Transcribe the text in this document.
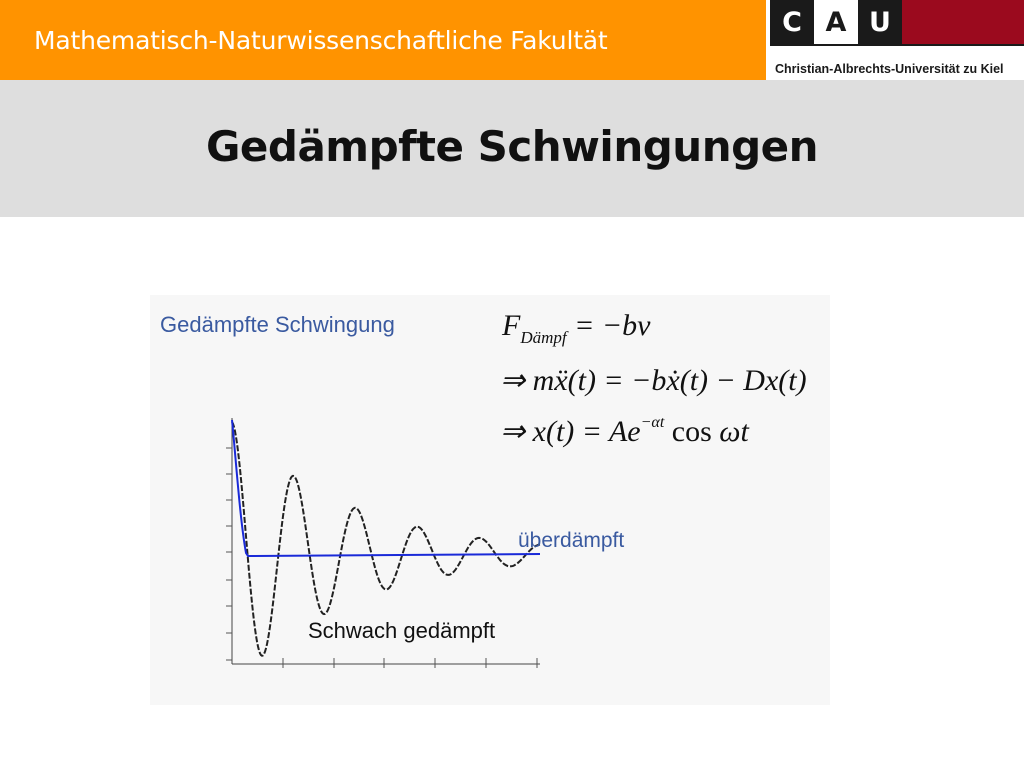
Mathematisch-Naturwissenschaftliche Fakultät
C A U
Christian-Albrechts-Universität zu Kiel
Gedämpfte Schwingungen
Gedämpfte Schwingung	$F_{Dämpf} = -bv$
⇒ mẍ(t) = −bẋ(t) − Dx(t)
⇒ $x(t) = Ae^{-\alpha t}$ cos ωt
überdämpft
Schwach gedämpft
